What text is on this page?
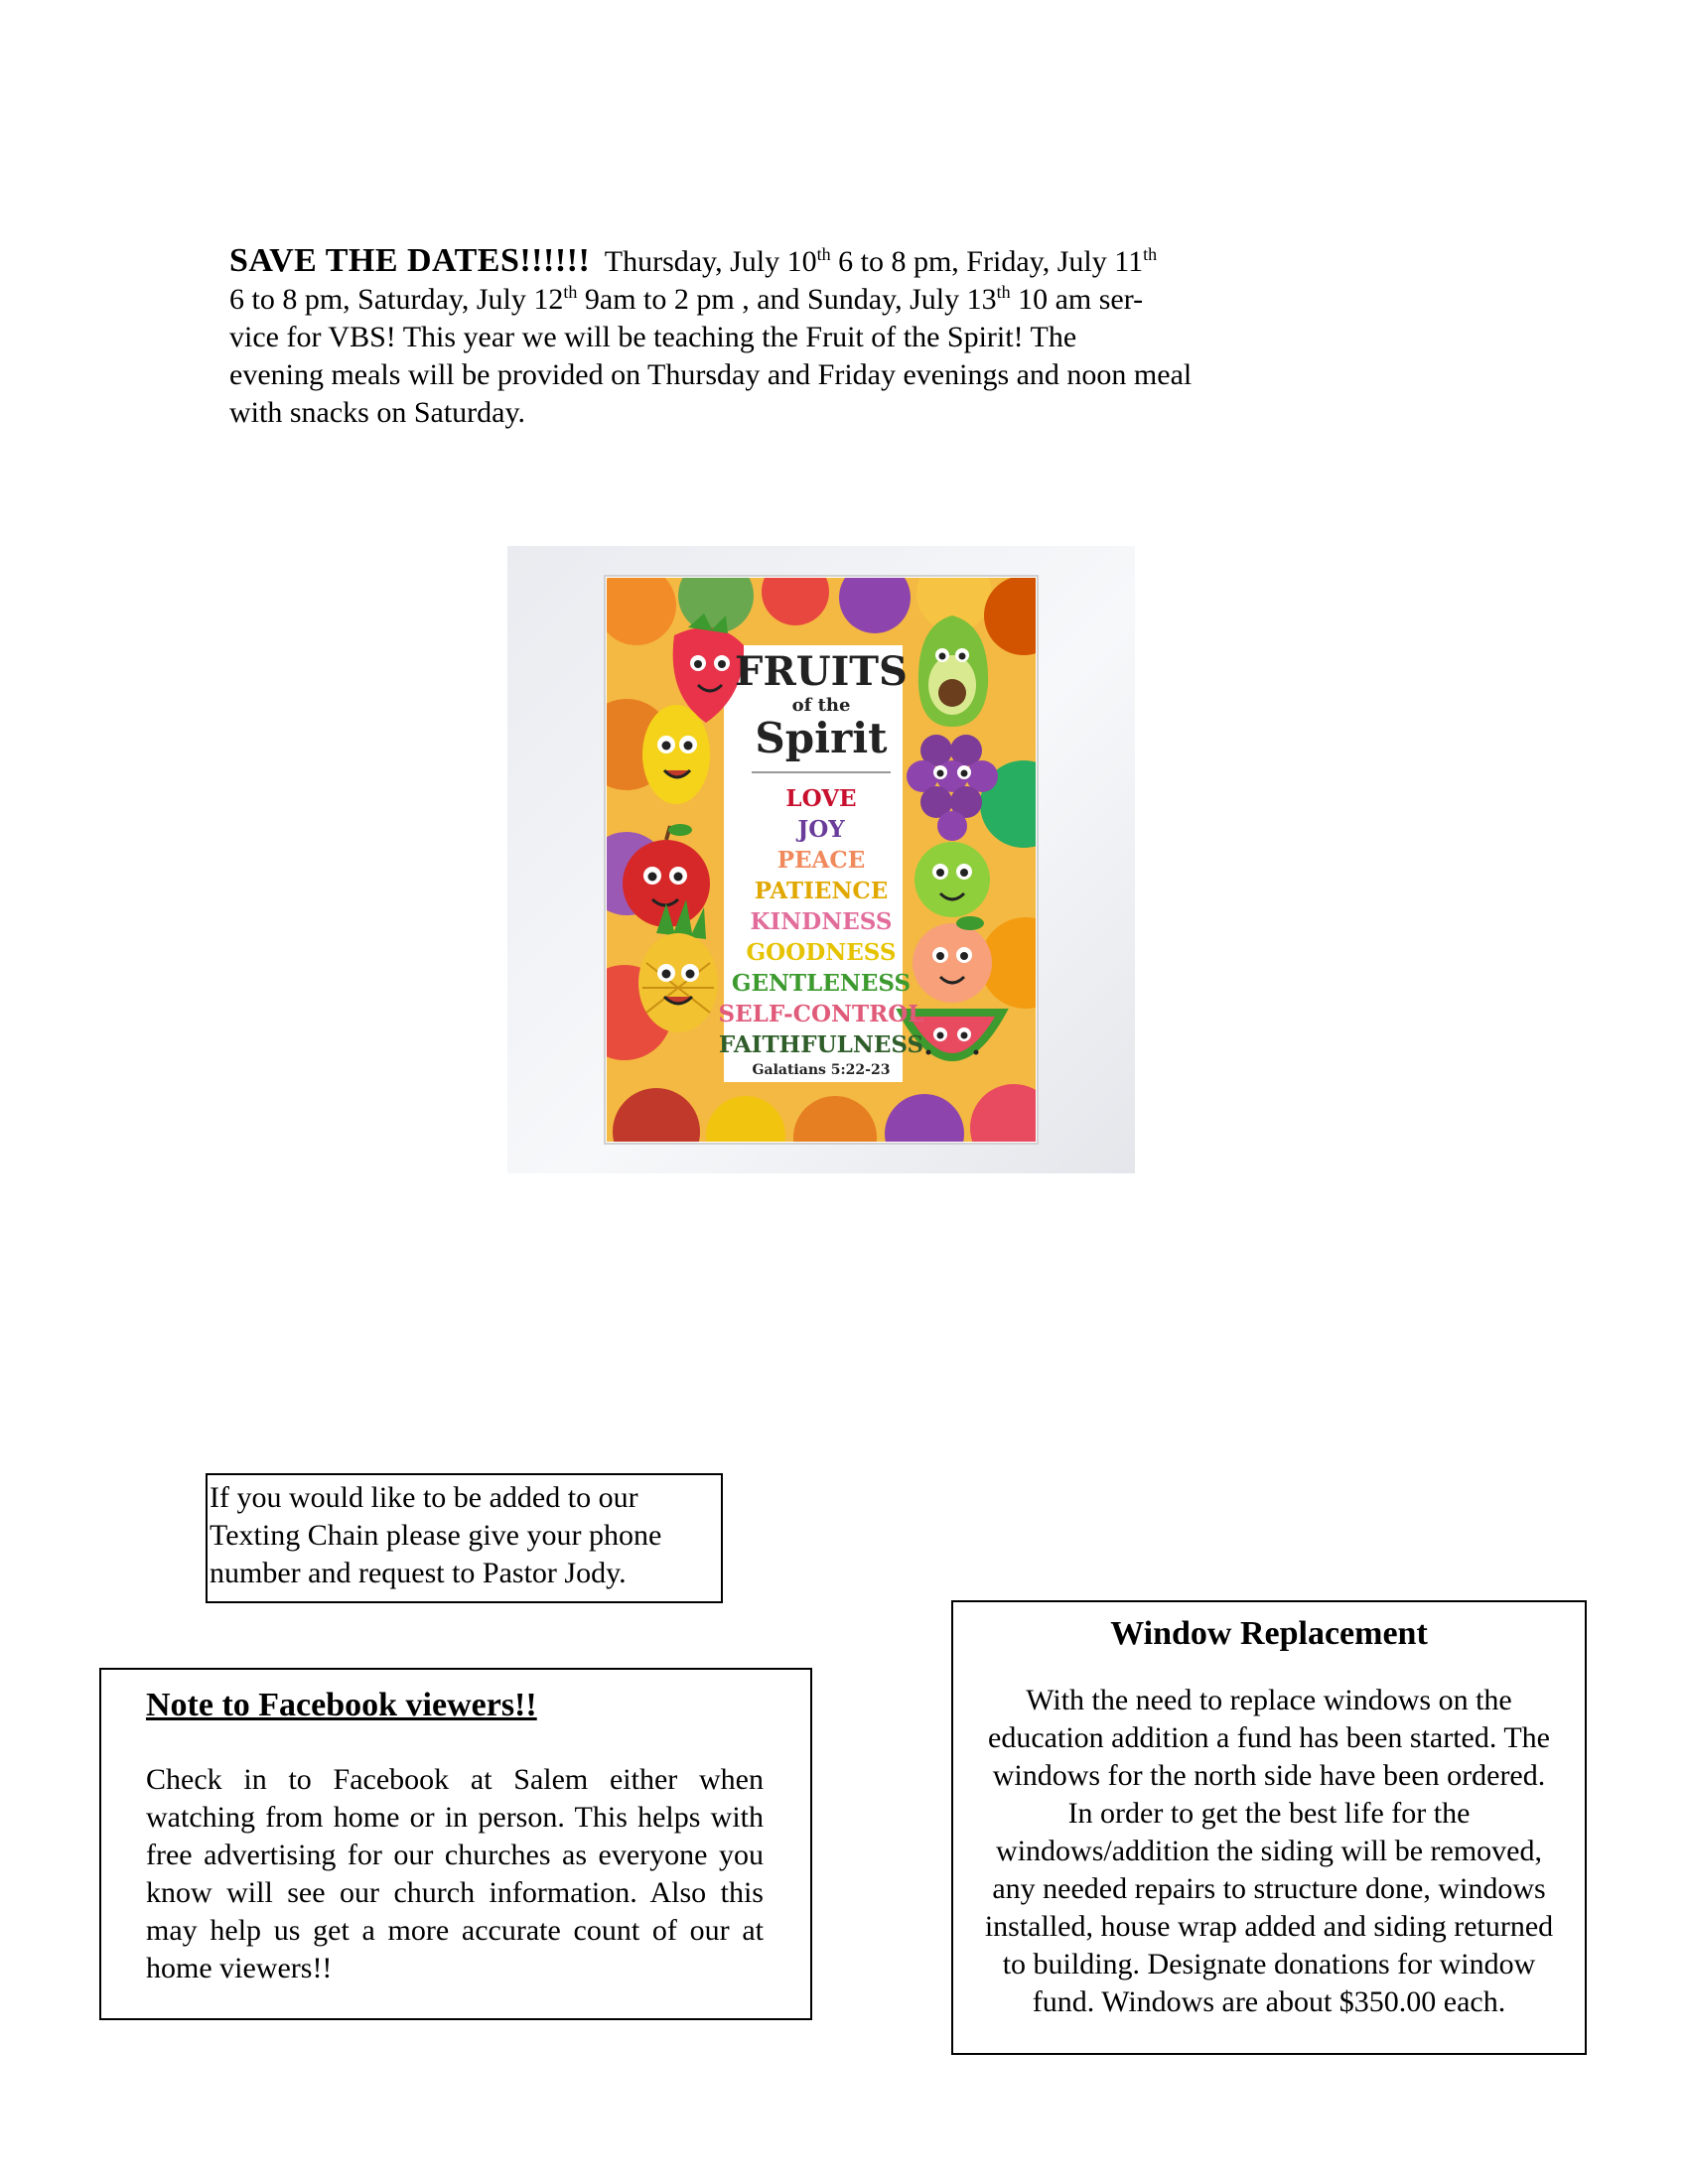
SAVE THE DATES!!!!!! Thursday, July 10th 6 to 8 pm, Friday, July 11th
6 to 8 pm, Saturday, July 12th 9am to 2 pm , and Sunday, July 13th 10 am ser-
vice for VBS! This year we will be teaching the Fruit of the Spirit! The
evening meals will be provided on Thursday and Friday evenings and noon meal
with snacks on Saturday.
FRUITS
of the
Spirit
LOVE
JOY
PEACE
PATIENCE
KINDNESS
GOODNESS
GENTLENESS
SELF-CONTROL
FAITHFULNESS
Galatians 5:22-23
If you would like to be added to our
Texting Chain please give your phone
number and request to Pastor Jody.
Note to Facebook viewers!!
Check in to Facebook at Salem either when watching from home or in person. This helps with free advertising for our churches as everyone you know will see our church information. Also this may help us get a more accurate count of our at home viewers!!
Window Replacement
With the need to replace windows on the
education addition a fund has been started. The
windows for the north side have been ordered.
In order to get the best life for the
windows/addition the siding will be removed,
any needed repairs to structure done, windows
installed, house wrap added and siding returned
to building. Designate donations for window
fund. Windows are about $350.00 each.
